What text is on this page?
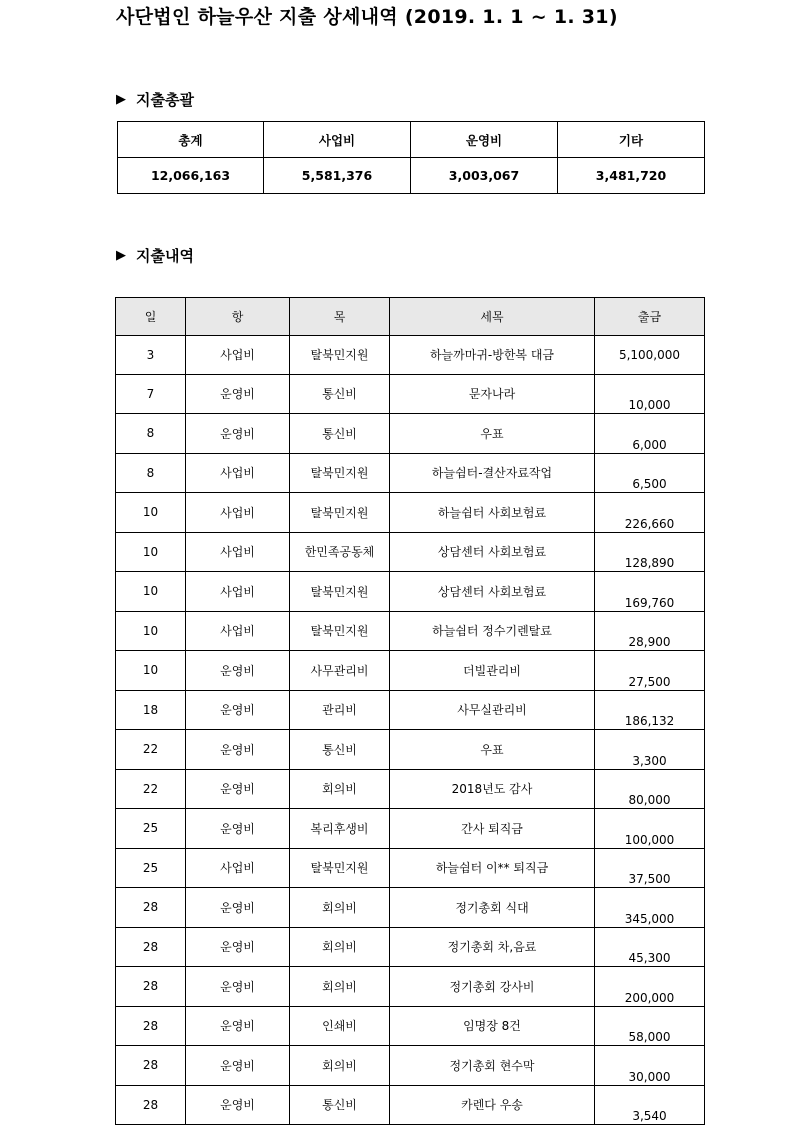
사단법인 하늘우산 지출 상세내역 (2019. 1. 1 ~ 1. 31)
▶ 지출총괄
총계	사업비	운영비	기타
12,066,163	5,581,376	3,003,067	3,481,720
▶ 지출내역
일	항	목	세목	출금
3	사업비	탈북민지원	하늘까마귀-방한복 대금	5,100,000
7	운영비	통신비	문자나라	10,000
8	운영비	통신비	우표	6,000
8	사업비	탈북민지원	하늘쉼터-결산자료작업	6,500
10	사업비	탈북민지원	하늘쉼터 사회보험료	226,660
10	사업비	한민족공동체	상담센터 사회보험료	128,890
10	사업비	탈북민지원	상담센터 사회보험료	169,760
10	사업비	탈북민지원	하늘쉼터 정수기렌탈료	28,900
10	운영비	사무관리비	더빌관리비	27,500
18	운영비	관리비	사무실관리비	186,132
22	운영비	통신비	우표	3,300
22	운영비	회의비	2018년도 감사	80,000
25	운영비	복리후생비	간사 퇴직금	100,000
25	사업비	탈북민지원	하늘쉼터 이** 퇴직금	37,500
28	운영비	회의비	정기총회 식대	345,000
28	운영비	회의비	정기총회 차,음료	45,300
28	운영비	회의비	정기총회 강사비	200,000
28	운영비	인쇄비	임명장 8건	58,000
28	운영비	회의비	정기총회 현수막	30,000
28	운영비	통신비	카렌다 우송	3,540
